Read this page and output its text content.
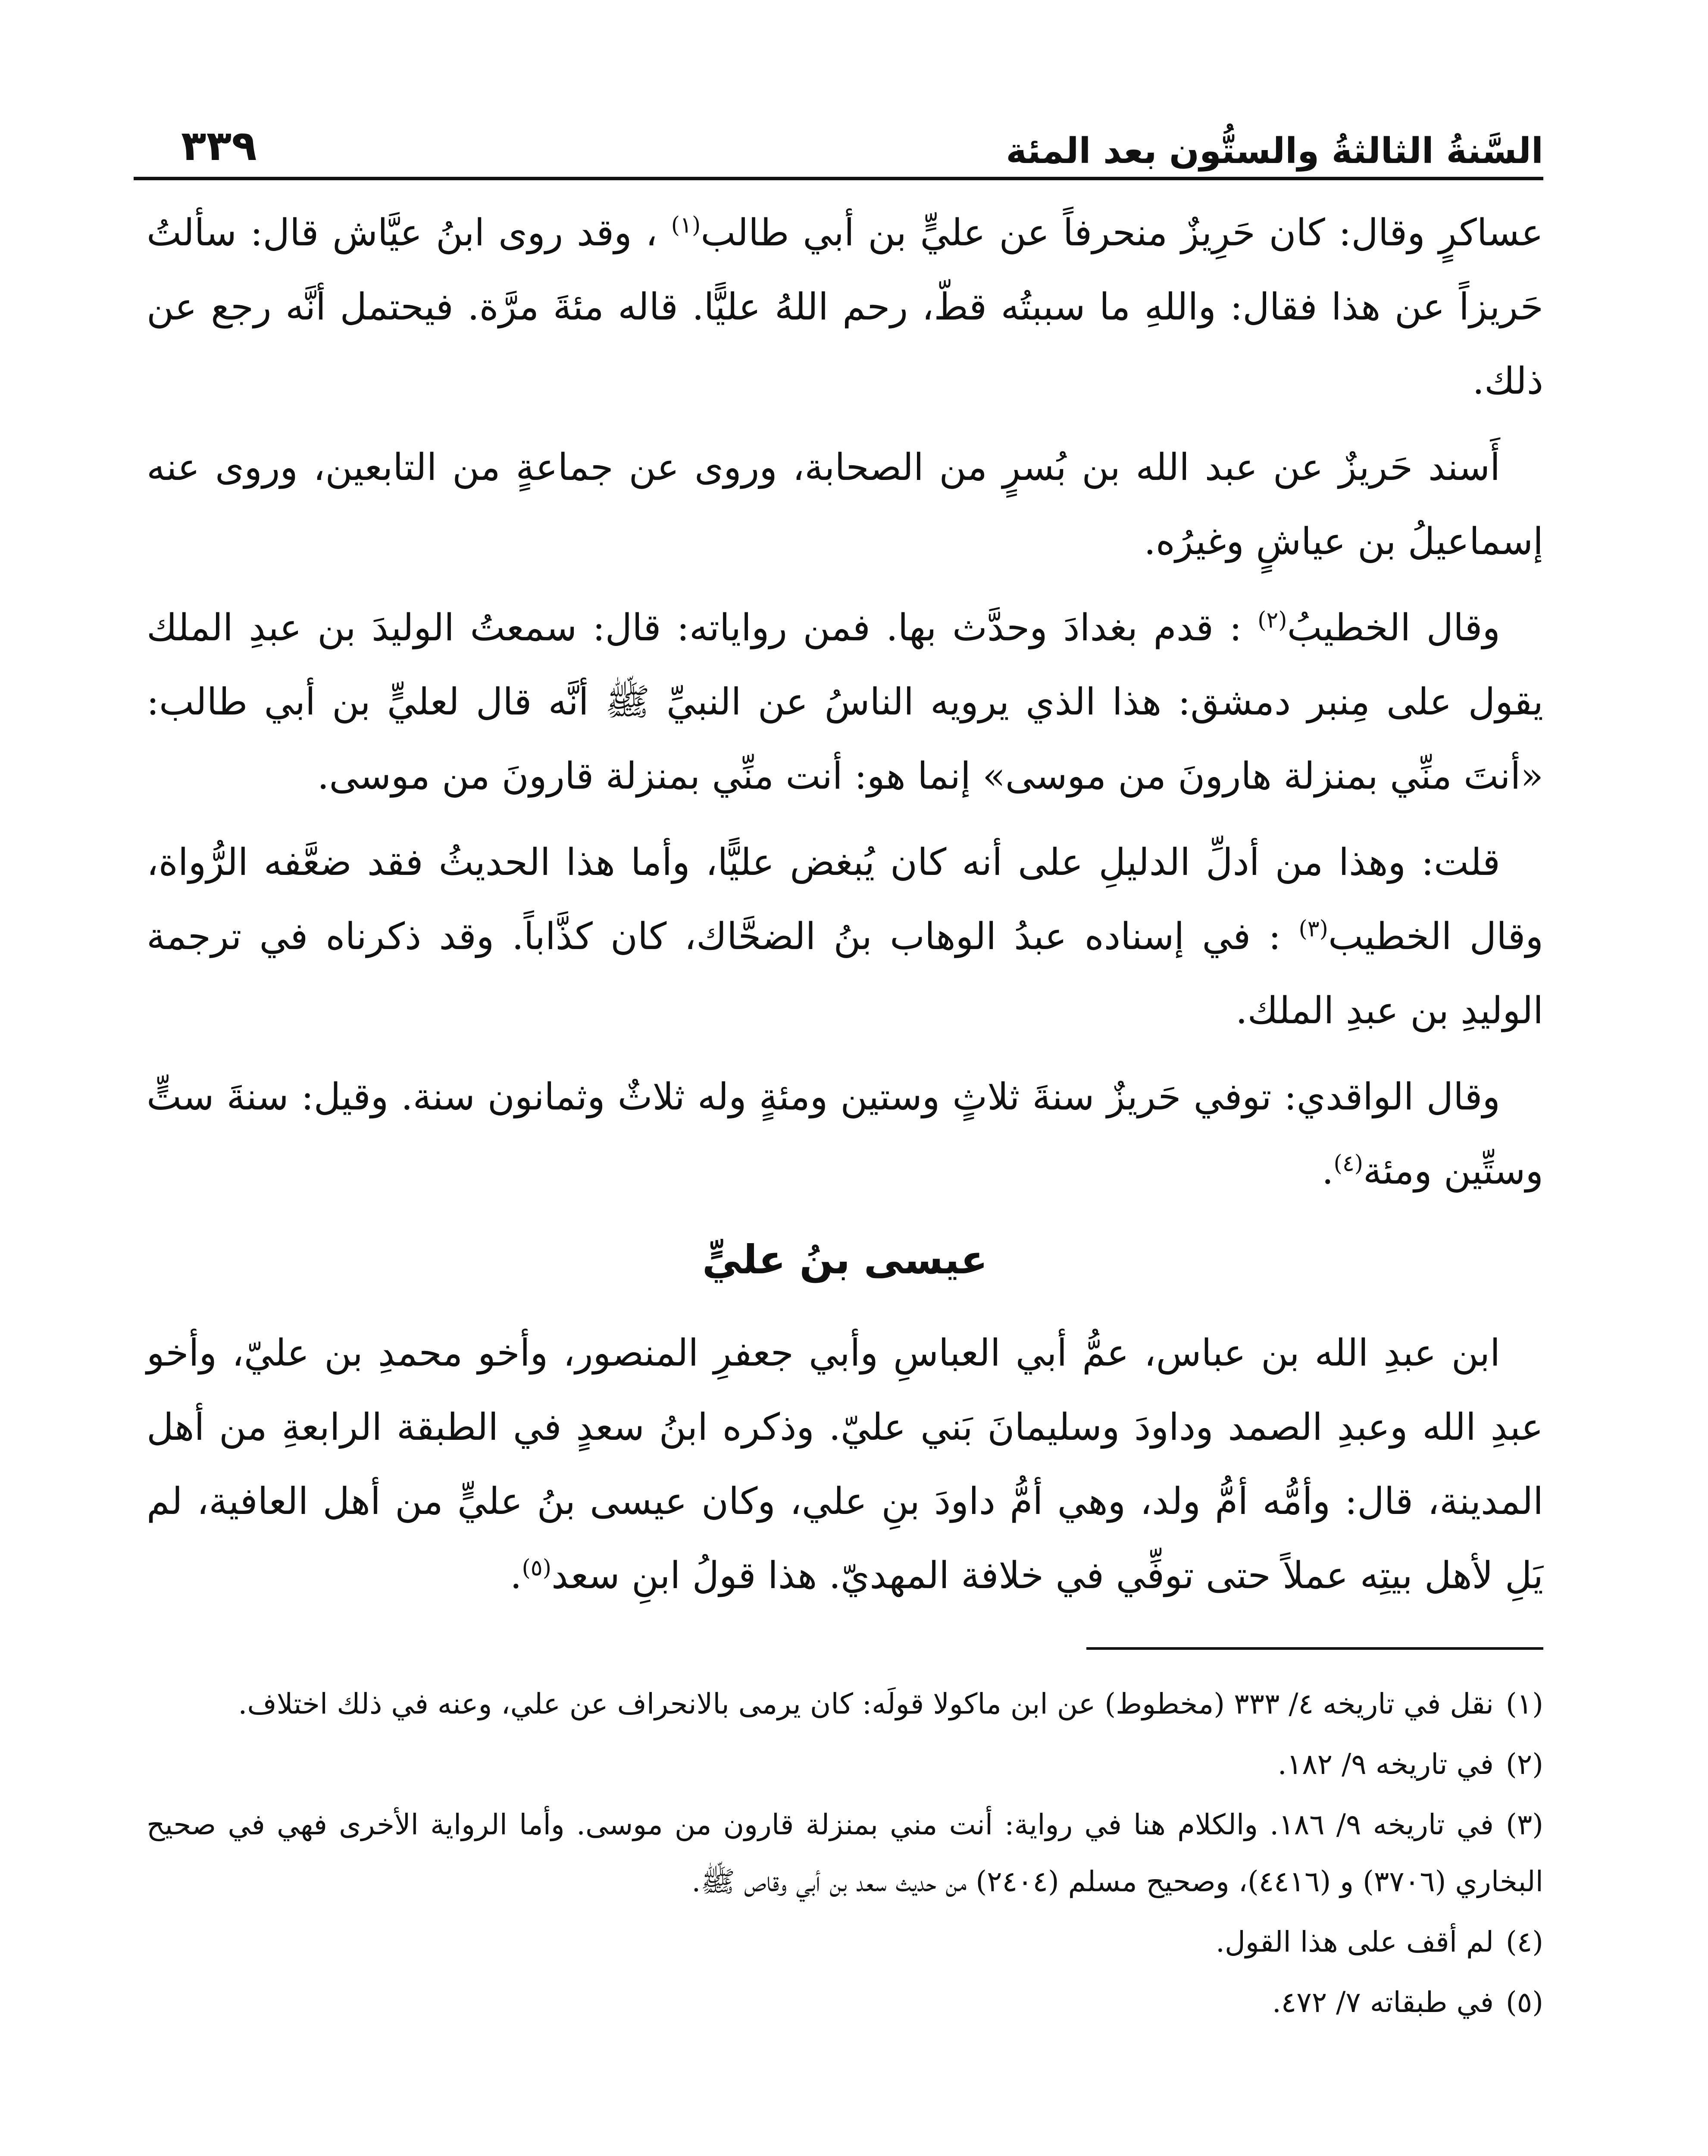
السَّنةُ الثالثةُ والستُّون بعد المئة
٣٣٩

عساكرٍ وقال: كان حَرِيزٌ منحرفاً عن عليٍّ بن أبي طالب$^{(١)}$ ، وقد روى ابنُ عيَّاش قال: سألتُ حَريزاً عن هذا فقال: واللهِ ما سببتُه قطّ، رحم اللهُ عليًّا. قاله مئةَ مرَّة. فيحتمل أنَّه رجع عن ذلك.

أَسند حَريزٌ عن عبد الله بن بُسرٍ من الصحابة، وروى عن جماعةٍ من التابعين، وروى عنه إسماعيلُ بن عياشٍ وغيرُه.

وقال الخطيبُ$^{(٢)}$ : قدم بغدادَ وحدَّث بها. فمن رواياته: قال: سمعتُ الوليدَ بن عبدِ الملك يقول على مِنبر دمشق: هذا الذي يرويه الناسُ عن النبيِّ ﷺ أنَّه قال لعليٍّ بن أبي طالب: «أنتَ منِّي بمنزلة هارونَ من موسى» إنما هو: أنت منِّي بمنزلة قارونَ من موسى.

قلت: وهذا من أدلِّ الدليلِ على أنه كان يُبغض عليًّا، وأما هذا الحديثُ فقد ضعَّفه الرُّواة، وقال الخطيب$^{(٣)}$ : في إسناده عبدُ الوهاب بنُ الضحَّاك، كان كذَّاباً. وقد ذكرناه في ترجمة الوليدِ بن عبدِ الملك.

وقال الواقدي: توفي حَريزٌ سنةَ ثلاثٍ وستين ومئةٍ وله ثلاثٌ وثمانون سنة. وقيل: سنةَ ستٍّ وستِّين ومئة$^{(٤)}$.

عيسى بنُ عليٍّ

ابن عبدِ الله بن عباس، عمُّ أبي العباسِ وأبي جعفرِ المنصور، وأخو محمدِ بن عليّ، وأخو عبدِ الله وعبدِ الصمد وداودَ وسليمانَ بَني عليّ. وذكره ابنُ سعدٍ في الطبقة الرابعةِ من أهل المدينة، قال: وأمُّه أمُّ ولد، وهي أمُّ داودَ بنِ علي، وكان عيسى بنُ عليٍّ من أهل العافية، لم يَلِ لأهل بيتِه عملاً حتى توفِّي في خلافة المهديّ. هذا قولُ ابنِ سعد$^{(٥)}$.

(١)نقل في تاريخه ٤/ ٣٣٣ (مخطوط) عن ابن ماكولا قولَه: كان يرمى بالانحراف عن علي، وعنه في ذلك اختلاف.

(٢)في تاريخه ٩/ ١٨٢.

(٣)في تاريخه ٩/ ١٨٦. والكلام هنا في رواية: أنت مني بمنزلة قارون من موسى. وأما الرواية الأخرى فهي في صحيح البخاري (٣٧٠٦) و (٤٤١٦)، وصحيح مسلم (٢٤٠٤) من حديث سعد بن أبي وقاص ﷺ.

(٤)لم أقف على هذا القول.

(٥)في طبقاته ٧/ ٤٧٢.
